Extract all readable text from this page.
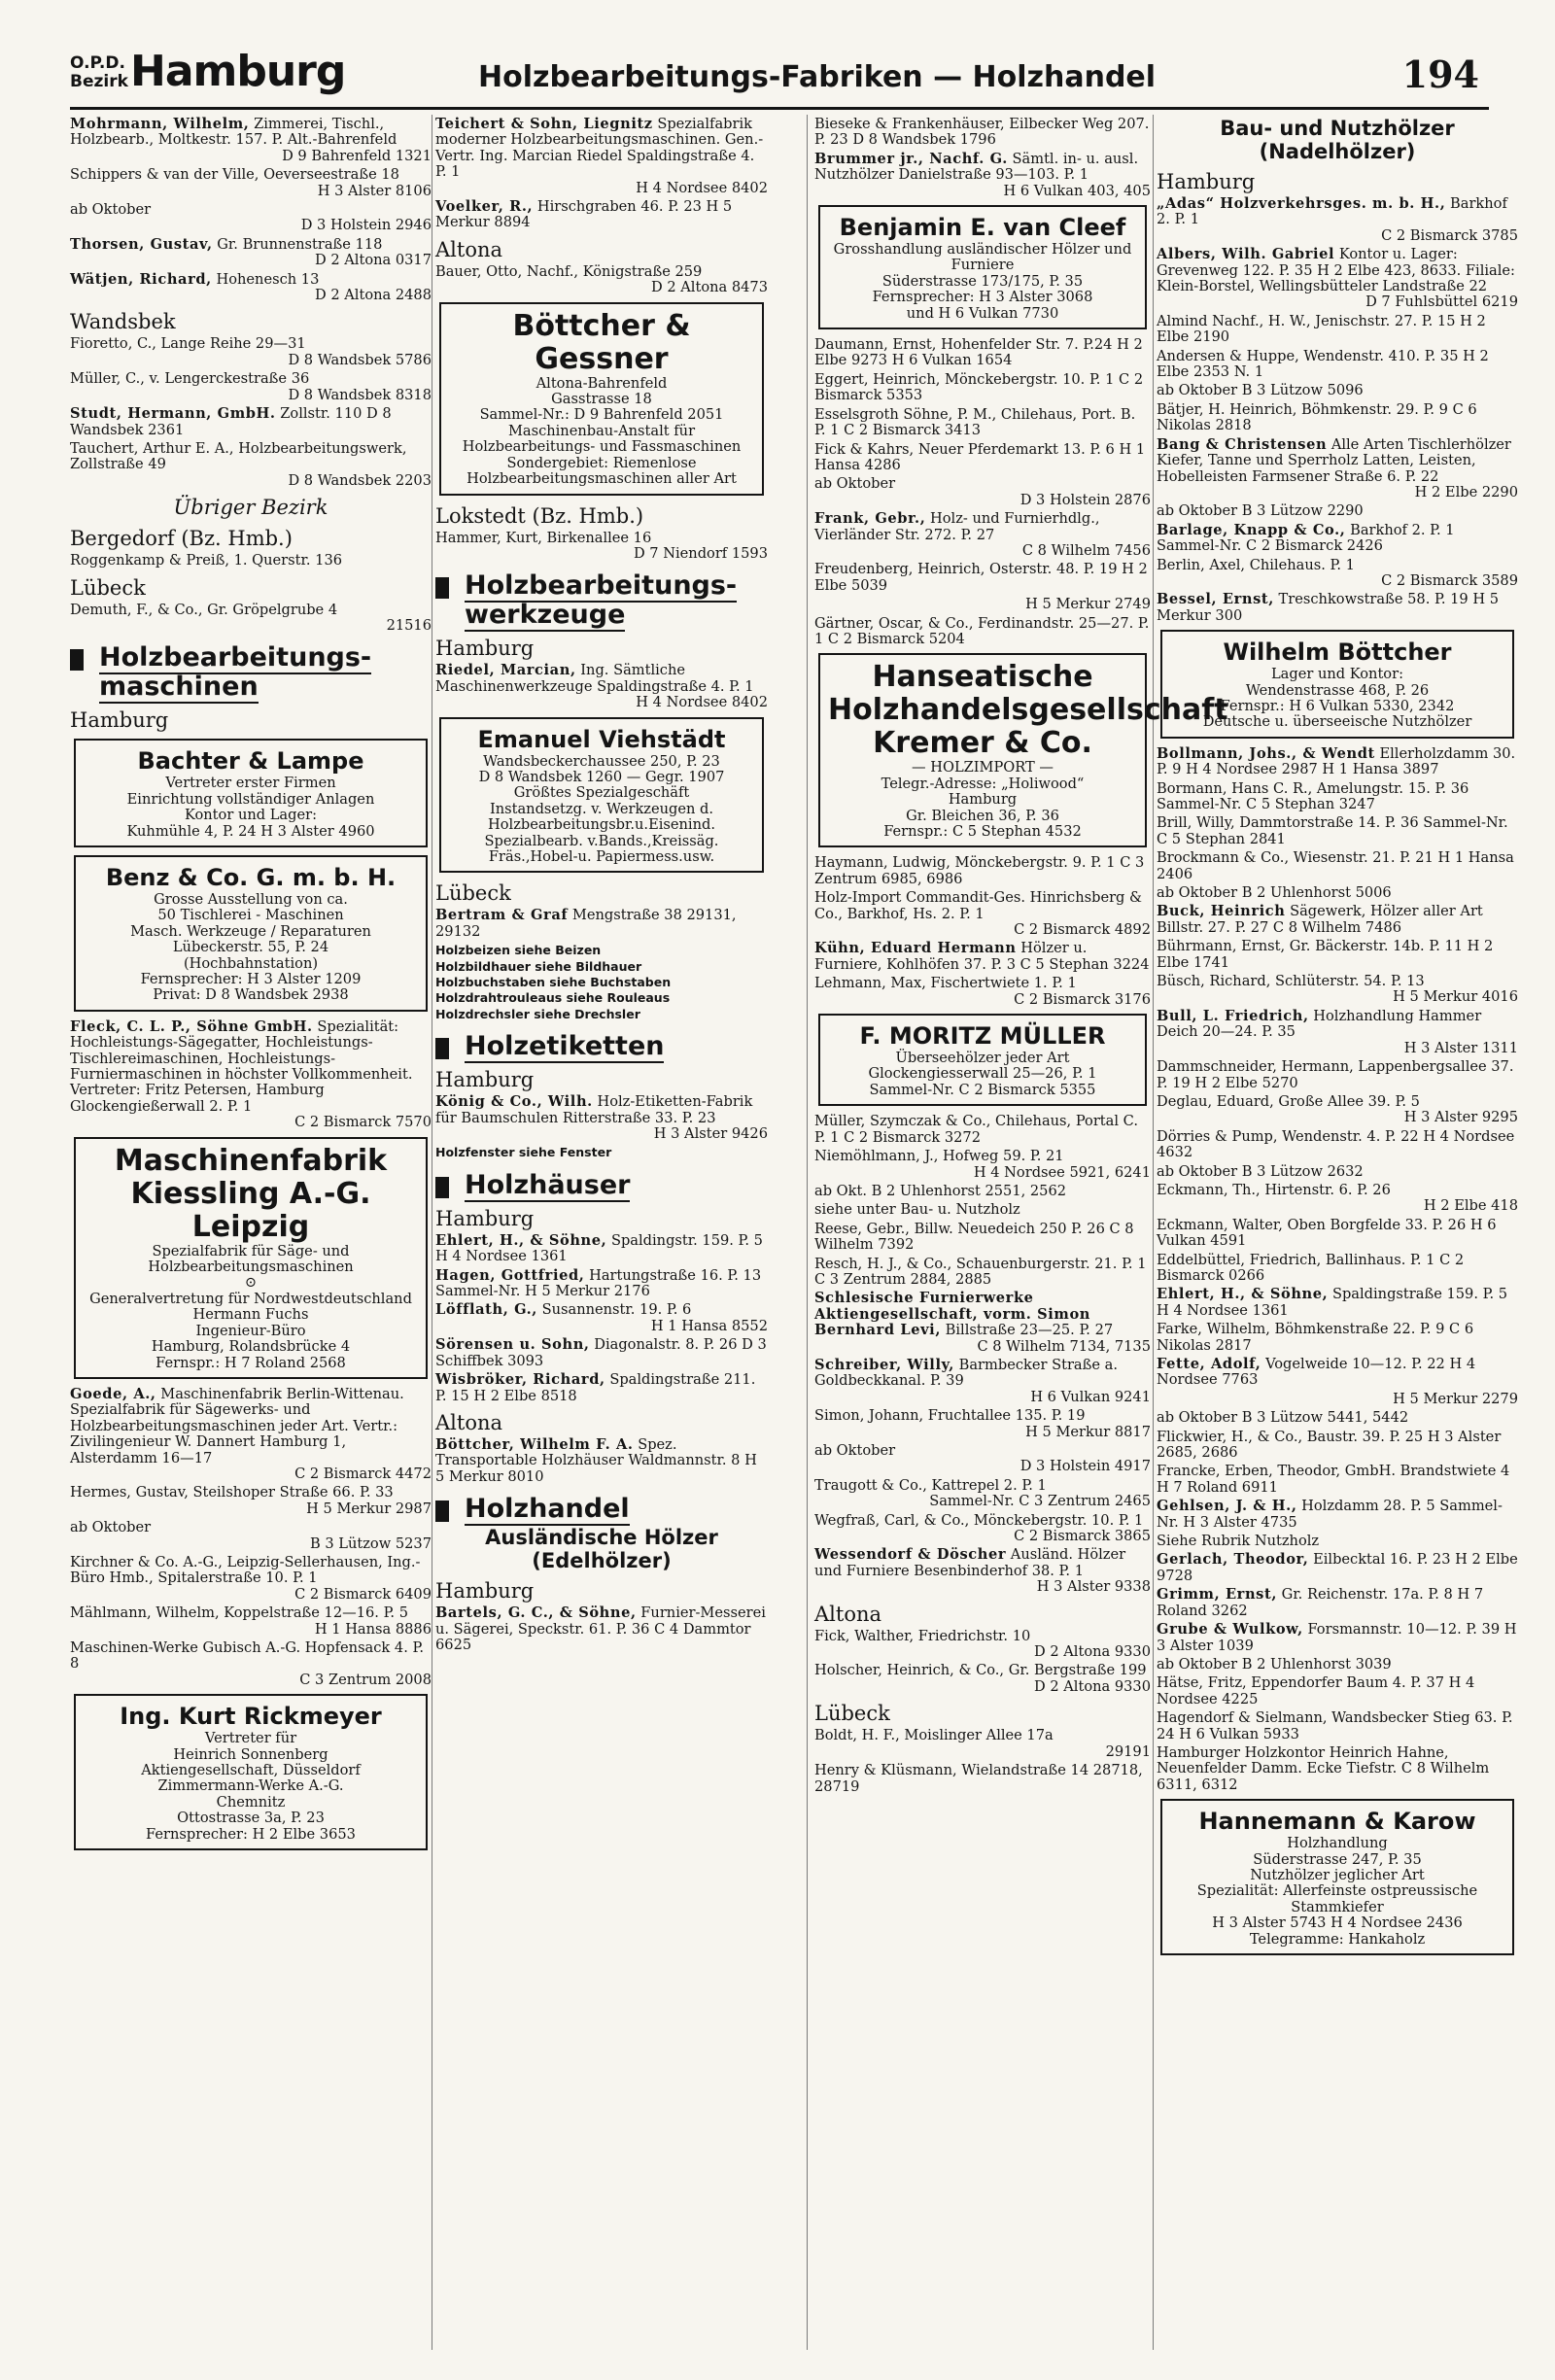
O.P.D.
Bezirk Hamburg	Holzbearbeitungs-Fabriken — Holzhandel	194
Mohrmann, Wilhelm, Zimmerei, Tischl., Holzbearb., Moltkestr. 157. P. Alt.-Bahrenfeld
D 9 Bahrenfeld 1321
Schippers & van der Ville, Oeverseestraße 18
H 3 Alster 8106
ab Oktober
D 3 Holstein 2946
Thorsen, Gustav, Gr. Brunnenstraße 118
D 2 Altona 0317
Wätjen, Richard, Hohenesch 13
D 2 Altona 2488
Wandsbek
Fioretto, C., Lange Reihe 29—31
D 8 Wandsbek 5786
Müller, C., v. Lengerckestraße 36
D 8 Wandsbek 8318
Studt, Hermann, GmbH. Zollstr. 110 D 8 Wandsbek 2361
Tauchert, Arthur E. A., Holzbearbeitungswerk, Zollstraße 49
D 8 Wandsbek 2203
Übriger Bezirk
Bergedorf (Bz. Hmb.)
Roggenkamp & Preiß, 1. Querstr. 136
Lübeck
Demuth, F., & Co., Gr. Gröpelgrube 4
21516
Holzbearbeitungs-maschinen
Hamburg
Bachter & Lampe
Vertreter erster Firmen
Einrichtung vollständiger Anlagen
Kontor und Lager:
Kuhmühle 4, P. 24 H 3 Alster 4960
Benz & Co. G. m. b. H.
Grosse Ausstellung von ca.
50 Tischlerei - Maschinen
Masch. Werkzeuge / Reparaturen
Lübeckerstr. 55, P. 24
(Hochbahnstation)
Fernsprecher: H 3 Alster 1209
Privat: D 8 Wandsbek 2938
Fleck, C. L. P., Söhne GmbH. Spezialität: Hochleistungs-Sägegatter, Hochleistungs-Tischlereimaschinen, Hochleistungs-Furniermaschinen in höchster Vollkommenheit. Vertreter: Fritz Petersen, Hamburg Glockengießerwall 2. P. 1
C 2 Bismarck 7570
Maschinenfabrik Kiessling A.-G. Leipzig
Spezialfabrik für Säge- und Holzbearbeitungsmaschinen
⊙
Generalvertretung für Nordwestdeutschland
Hermann Fuchs
Ingenieur-Büro
Hamburg, Rolandsbrücke 4
Fernspr.: H 7 Roland 2568
Goede, A., Maschinenfabrik Berlin-Wittenau. Spezialfabrik für Sägewerks- und Holzbearbeitungsmaschinen jeder Art. Vertr.: Zivilingenieur W. Dannert Hamburg 1, Alsterdamm 16—17
C 2 Bismarck 4472
Hermes, Gustav, Steilshoper Straße 66. P. 33
H 5 Merkur 2987
ab Oktober
B 3 Lützow 5237
Kirchner & Co. A.-G., Leipzig-Sellerhausen, Ing.-Büro Hmb., Spitalerstraße 10. P. 1
C 2 Bismarck 6409
Mählmann, Wilhelm, Koppelstraße 12—16. P. 5
H 1 Hansa 8886
Maschinen-Werke Gubisch A.-G. Hopfensack 4. P. 8
C 3 Zentrum 2008
Ing. Kurt Rickmeyer
Vertreter für
Heinrich Sonnenberg
Aktiengesellschaft, Düsseldorf
Zimmermann-Werke A.-G.
Chemnitz
Ottostrasse 3a, P. 23
Fernsprecher: H 2 Elbe 3653
Teichert & Sohn, Liegnitz Spezialfabrik moderner Holzbearbeitungsmaschinen. Gen.-Vertr. Ing. Marcian Riedel Spaldingstraße 4. P. 1
H 4 Nordsee 8402
Voelker, R., Hirschgraben 46. P. 23 H 5 Merkur 8894
Altona
Bauer, Otto, Nachf., Königstraße 259
D 2 Altona 8473
Böttcher & Gessner
Altona-Bahrenfeld
Gasstrasse 18
Sammel-Nr.: D 9 Bahrenfeld 2051
Maschinenbau-Anstalt für Holzbearbeitungs- und Fassmaschinen
Sondergebiet: Riemenlose Holzbearbeitungsmaschinen aller Art
Lokstedt (Bz. Hmb.)
Hammer, Kurt, Birkenallee 16
D 7 Niendorf 1593
Holzbearbeitungs-werkzeuge
Hamburg
Riedel, Marcian, Ing. Sämtliche Maschinenwerkzeuge Spaldingstraße 4. P. 1
H 4 Nordsee 8402
Emanuel Viehstädt
Wandsbeckerchaussee 250, P. 23
D 8 Wandsbek 1260 — Gegr. 1907
Größtes Spezialgeschäft
Instandsetzg. v. Werkzeugen d. Holzbearbeitungsbr.u.Eisenind. Spezialbearb. v.Bands.,Kreissäg. Fräs.,Hobel-u. Papiermess.usw.
Lübeck
Bertram & Graf Mengstraße 38 29131, 29132
Holzbeizen siehe Beizen
Holzbildhauer siehe Bildhauer
Holzbuchstaben siehe Buchstaben
Holzdrahtrouleaus siehe Rouleaus
Holzdrechsler siehe Drechsler
Holzetiketten
Hamburg
König & Co., Wilh. Holz-Etiketten-Fabrik für Baumschulen Ritterstraße 33. P. 23
H 3 Alster 9426
Holzfenster siehe Fenster
Holzhäuser
Hamburg
Ehlert, H., & Söhne, Spaldingstr. 159. P. 5 H 4 Nordsee 1361
Hagen, Gottfried, Hartungstraße 16. P. 13 Sammel-Nr. H 5 Merkur 2176
Löfflath, G., Susannenstr. 19. P. 6
H 1 Hansa 8552
Sörensen u. Sohn, Diagonalstr. 8. P. 26 D 3 Schiffbek 3093
Wisbröker, Richard, Spaldingstraße 211. P. 15 H 2 Elbe 8518
Altona
Böttcher, Wilhelm F. A. Spez. Transportable Holzhäuser Waldmannstr. 8 H 5 Merkur 8010
Holzhandel
Ausländische Hölzer (Edelhölzer)
Hamburg
Bartels, G. C., & Söhne, Furnier-Messerei u. Sägerei, Speckstr. 61. P. 36 C 4 Dammtor 6625
Bieseke & Frankenhäuser, Eilbecker Weg 207. P. 23 D 8 Wandsbek 1796
Brummer jr., Nachf. G. Sämtl. in- u. ausl. Nutzhölzer Danielstraße 93—103. P. 1
H 6 Vulkan 403, 405
Benjamin E. van Cleef
Grosshandlung ausländischer Hölzer und Furniere
Süderstrasse 173/175, P. 35
Fernsprecher: H 3 Alster 3068
und H 6 Vulkan 7730
Daumann, Ernst, Hohenfelder Str. 7. P.24 H 2 Elbe 9273 H 6 Vulkan 1654
Eggert, Heinrich, Mönckebergstr. 10. P. 1 C 2 Bismarck 5353
Esselsgroth Söhne, P. M., Chilehaus, Port. B. P. 1 C 2 Bismarck 3413
Fick & Kahrs, Neuer Pferdemarkt 13. P. 6 H 1 Hansa 4286
ab Oktober
D 3 Holstein 2876
Frank, Gebr., Holz- und Furnierhdlg., Vierländer Str. 272. P. 27
C 8 Wilhelm 7456
Freudenberg, Heinrich, Osterstr. 48. P. 19 H 2 Elbe 5039
H 5 Merkur 2749
Gärtner, Oscar, & Co., Ferdinandstr. 25—27. P. 1 C 2 Bismarck 5204
Hanseatische Holzhandelsgesellschaft Kremer & Co.
— HOLZIMPORT —
Telegr.-Adresse: „Holiwood“
Hamburg
Gr. Bleichen 36, P. 36
Fernspr.: C 5 Stephan 4532
Haymann, Ludwig, Mönckebergstr. 9. P. 1 C 3 Zentrum 6985, 6986
Holz-Import Commandit-Ges. Hinrichsberg & Co., Barkhof, Hs. 2. P. 1
C 2 Bismarck 4892
Kühn, Eduard Hermann Hölzer u. Furniere, Kohlhöfen 37. P. 3 C 5 Stephan 3224
Lehmann, Max, Fischertwiete 1. P. 1
C 2 Bismarck 3176
F. MORITZ MÜLLER
Überseehölzer jeder Art
Glockengiesserwall 25—26, P. 1
Sammel-Nr. C 2 Bismarck 5355
Müller, Szymczak & Co., Chilehaus, Portal C. P. 1 C 2 Bismarck 3272
Niemöhlmann, J., Hofweg 59. P. 21
H 4 Nordsee 5921, 6241
ab Okt. B 2 Uhlenhorst 2551, 2562
siehe unter Bau- u. Nutzholz
Reese, Gebr., Billw. Neuedeich 250 P. 26 C 8 Wilhelm 7392
Resch, H. J., & Co., Schauenburgerstr. 21. P. 1 C 3 Zentrum 2884, 2885
Schlesische Furnierwerke Aktiengesellschaft, vorm. Simon Bernhard Levi, Billstraße 23—25. P. 27
C 8 Wilhelm 7134, 7135
Schreiber, Willy, Barmbecker Straße a. Goldbeckkanal. P. 39
H 6 Vulkan 9241
Simon, Johann, Fruchtallee 135. P. 19
H 5 Merkur 8817
ab Oktober
D 3 Holstein 4917
Traugott & Co., Kattrepel 2. P. 1
Sammel-Nr. C 3 Zentrum 2465
Wegfraß, Carl, & Co., Mönckebergstr. 10. P. 1
C 2 Bismarck 3865
Wessendorf & Döscher Ausländ. Hölzer und Furniere Besenbinderhof 38. P. 1
H 3 Alster 9338
Altona
Fick, Walther, Friedrichstr. 10
D 2 Altona 9330
Holscher, Heinrich, & Co., Gr. Bergstraße 199
D 2 Altona 9330
Lübeck
Boldt, H. F., Moislinger Allee 17a
29191
Henry & Klüsmann, Wielandstraße 14 28718, 28719
Bau- und Nutzhölzer (Nadelhölzer)
Hamburg
„Adas“ Holzverkehrsges. m. b. H., Barkhof 2. P. 1
C 2 Bismarck 3785
Albers, Wilh. Gabriel Kontor u. Lager: Grevenweg 122. P. 35 H 2 Elbe 423, 8633. Filiale: Klein-Borstel, Wellingsbütteler Landstraße 22
D 7 Fuhlsbüttel 6219
Almind Nachf., H. W., Jenischstr. 27. P. 15 H 2 Elbe 2190
Andersen & Huppe, Wendenstr. 410. P. 35 H 2 Elbe 2353 N. 1
ab Oktober B 3 Lützow 5096
Bätjer, H. Heinrich, Böhmkenstr. 29. P. 9 C 6 Nikolas 2818
Bang & Christensen Alle Arten Tischlerhölzer Kiefer, Tanne und Sperrholz Latten, Leisten, Hobelleisten Farmsener Straße 6. P. 22
H 2 Elbe 2290
ab Oktober B 3 Lützow 2290
Barlage, Knapp & Co., Barkhof 2. P. 1 Sammel-Nr. C 2 Bismarck 2426
Berlin, Axel, Chilehaus. P. 1
C 2 Bismarck 3589
Bessel, Ernst, Treschkowstraße 58. P. 19 H 5 Merkur 300
Wilhelm Böttcher
Lager und Kontor:
Wendenstrasse 468, P. 26
Fernspr.: H 6 Vulkan 5330, 2342
Deutsche u. überseeische Nutzhölzer
Bollmann, Johs., & Wendt Ellerholzdamm 30. P. 9 H 4 Nordsee 2987 H 1 Hansa 3897
Bormann, Hans C. R., Amelungstr. 15. P. 36 Sammel-Nr. C 5 Stephan 3247
Brill, Willy, Dammtorstraße 14. P. 36 Sammel-Nr. C 5 Stephan 2841
Brockmann & Co., Wiesenstr. 21. P. 21 H 1 Hansa 2406
ab Oktober B 2 Uhlenhorst 5006
Buck, Heinrich Sägewerk, Hölzer aller Art Billstr. 27. P. 27 C 8 Wilhelm 7486
Bührmann, Ernst, Gr. Bäckerstr. 14b. P. 11 H 2 Elbe 1741
Büsch, Richard, Schlüterstr. 54. P. 13
H 5 Merkur 4016
Bull, L. Friedrich, Holzhandlung Hammer Deich 20—24. P. 35
H 3 Alster 1311
Dammschneider, Hermann, Lappenbergsallee 37. P. 19 H 2 Elbe 5270
Deglau, Eduard, Große Allee 39. P. 5
H 3 Alster 9295
Dörries & Pump, Wendenstr. 4. P. 22 H 4 Nordsee 4632
ab Oktober B 3 Lützow 2632
Eckmann, Th., Hirtenstr. 6. P. 26
H 2 Elbe 418
Eckmann, Walter, Oben Borgfelde 33. P. 26 H 6 Vulkan 4591
Eddelbüttel, Friedrich, Ballinhaus. P. 1 C 2 Bismarck 0266
Ehlert, H., & Söhne, Spaldingstraße 159. P. 5 H 4 Nordsee 1361
Farke, Wilhelm, Böhmkenstraße 22. P. 9 C 6 Nikolas 2817
Fette, Adolf, Vogelweide 10—12. P. 22 H 4 Nordsee 7763
H 5 Merkur 2279
ab Oktober B 3 Lützow 5441, 5442
Flickwier, H., & Co., Baustr. 39. P. 25 H 3 Alster 2685, 2686
Francke, Erben, Theodor, GmbH. Brandstwiete 4 H 7 Roland 6911
Gehlsen, J. & H., Holzdamm 28. P. 5 Sammel-Nr. H 3 Alster 4735
Siehe Rubrik Nutzholz
Gerlach, Theodor, Eilbecktal 16. P. 23 H 2 Elbe 9728
Grimm, Ernst, Gr. Reichenstr. 17a. P. 8 H 7 Roland 3262
Grube & Wulkow, Forsmannstr. 10—12. P. 39 H 3 Alster 1039
ab Oktober B 2 Uhlenhorst 3039
Hätse, Fritz, Eppendorfer Baum 4. P. 37 H 4 Nordsee 4225
Hagendorf & Sielmann, Wandsbecker Stieg 63. P. 24 H 6 Vulkan 5933
Hamburger Holzkontor Heinrich Hahne, Neuenfelder Damm. Ecke Tiefstr. C 8 Wilhelm 6311, 6312
Hannemann & Karow
Holzhandlung
Süderstrasse 247, P. 35
Nutzhölzer jeglicher Art
Spezialität: Allerfeinste ostpreussische Stammkiefer
H 3 Alster 5743 H 4 Nordsee 2436
Telegramme: Hankaholz
